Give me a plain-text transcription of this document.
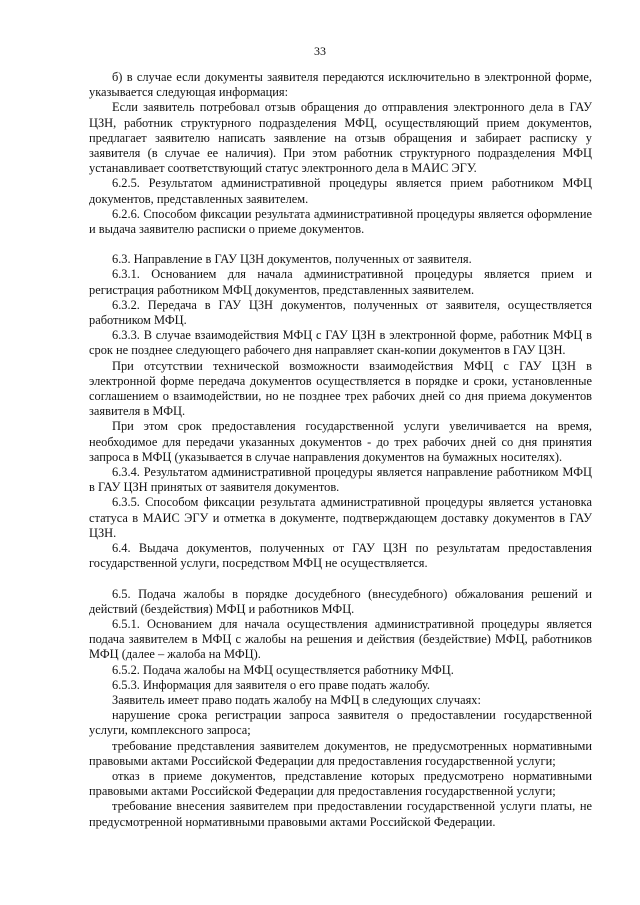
33

б) в случае если документы заявителя передаются исключительно в электронной форме, указывается следующая информация:

Если заявитель потребовал отзыв обращения до отправления электронного дела в ГАУ ЦЗН, работник структурного подразделения МФЦ, осуществляющий прием документов, предлагает заявителю написать заявление на отзыв обращения и забирает расписку у заявителя (в случае ее наличия). При этом работник структурного подразделения МФЦ устанавливает соответствующий статус электронного дела в МАИС ЭГУ.

6.2.5. Результатом административной процедуры является прием работником МФЦ документов, представленных заявителем.

6.2.6. Способом фиксации результата административной процедуры является оформление и выдача заявителю расписки о приеме документов.

6.3. Направление в ГАУ ЦЗН документов, полученных от заявителя.

6.3.1. Основанием для начала административной процедуры является прием и регистрация работником МФЦ документов, представленных заявителем.

6.3.2. Передача в ГАУ ЦЗН документов, полученных от заявителя, осуществляется работником МФЦ.

6.3.3. В случае взаимодействия МФЦ с ГАУ ЦЗН в электронной форме, работник МФЦ в срок не позднее следующего рабочего дня направляет скан-копии документов в ГАУ ЦЗН.

При отсутствии технической возможности взаимодействия МФЦ с ГАУ ЦЗН в электронной форме передача документов осуществляется в порядке и сроки, установленные соглашением о взаимодействии, но не позднее трех рабочих дней со дня приема документов заявителя в МФЦ.

При этом срок предоставления государственной услуги увеличивается на время, необходимое для передачи указанных документов - до трех рабочих дней со дня принятия запроса в МФЦ (указывается в случае направления документов на бумажных носителях).

6.3.4. Результатом административной процедуры является направление работником МФЦ в ГАУ ЦЗН принятых от заявителя документов.

6.3.5. Способом фиксации результата административной процедуры является установка статуса в МАИС ЭГУ и отметка в документе, подтверждающем доставку документов в ГАУ ЦЗН.

6.4. Выдача документов, полученных от ГАУ ЦЗН по результатам предоставления государственной услуги, посредством МФЦ не осуществляется.

6.5. Подача жалобы в порядке досудебного (внесудебного) обжалования решений и действий (бездействия) МФЦ и работников МФЦ.

6.5.1. Основанием для начала осуществления административной процедуры является подача заявителем в МФЦ с жалобы на решения и действия (бездействие) МФЦ, работников МФЦ (далее – жалоба на МФЦ).

6.5.2. Подача жалобы на МФЦ осуществляется работнику МФЦ.

6.5.3. Информация для заявителя о его праве подать жалобу.

Заявитель имеет право подать жалобу на МФЦ в следующих случаях:

нарушение срока регистрации запроса заявителя о предоставлении государственной услуги, комплексного запроса;

требование представления заявителем документов, не предусмотренных нормативными правовыми актами Российской Федерации для предоставления государственной услуги;

отказ в приеме документов, представление которых предусмотрено нормативными правовыми актами Российской Федерации для предоставления государственной услуги;

требование внесения заявителем при предоставлении государственной услуги платы, не предусмотренной нормативными правовыми актами Российской Федерации.
